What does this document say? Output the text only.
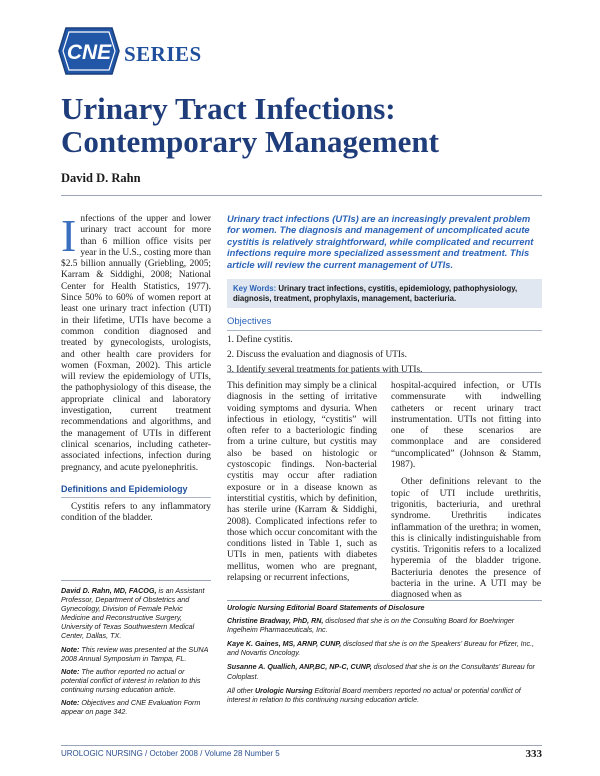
CNE SERIES
Urinary Tract Infections:
Contemporary Management
David D. Rahn

Infections of the upper and lower urinary tract account for more than 6 million office visits per year in the U.S., costing more than $2.5 billion annually (Griebling, 2005; Karram & Siddighi, 2008; National Center for Health Statistics, 1977). Since 50% to 60% of women report at least one urinary tract infection (UTI) in their lifetime, UTIs have become a common condition diagnosed and treated by gynecologists, urologists, and other health care providers for women (Foxman, 2002). This article will review the epidemiology of UTIs, the pathophysiology of this disease, the appropriate clinical and laboratory investigation, current treatment recommendations and algorithms, and the management of UTIs in different clinical scenarios, including catheter-associated infections, infection during pregnancy, and acute pyelonephritis.

Definitions and Epidemiology

Cystitis refers to any inflammatory condition of the bladder.

David D. Rahn, MD, FACOG, is an Assistant Professor, Department of Obstetrics and Gynecology, Division of Female Pelvic Medicine and Reconstructive Surgery, University of Texas Southwestern Medical Center, Dallas, TX.

Note: This review was presented at the SUNA 2008 Annual Symposium in Tampa, FL.

Note: The author reported no actual or potential conflict of interest in relation to this continuing nursing education article.

Note: Objectives and CNE Evaluation Form appear on page 342.

Urinary tract infections (UTIs) are an increasingly prevalent problem for women. The diagnosis and management of uncomplicated acute cystitis is relatively straightforward, while complicated and recurrent infections require more specialized assessment and treatment. This article will review the current management of UTIs.
Key Words: Urinary tract infections, cystitis, epidemiology, pathophysiology, diagnosis, treatment, prophylaxis, management, bacteriuria.
Objectives
1. Define cystitis.
2. Discuss the evaluation and diagnosis of UTIs.
3. Identify several treatments for patients with UTIs.

This definition may simply be a clinical diagnosis in the setting of irritative voiding symptoms and dysuria. When infectious in etiology, “cystitis” will often refer to a bacteriologic finding from a urine culture, but cystitis may also be based on histologic or cystoscopic findings. Non-bacterial cystitis may occur after radiation exposure or in a disease known as interstitial cystitis, which by definition, has sterile urine (Karram & Siddighi, 2008). Complicated infections refer to those which occur concomitant with the conditions listed in Table 1, such as UTIs in men, patients with diabetes mellitus, women who are pregnant, relapsing or recurrent infections,

hospital-acquired infection, or UTIs commensurate with indwelling catheters or recent urinary tract instrumentation. UTIs not fitting into one of these scenarios are commonplace and are considered “uncomplicated” (Johnson & Stamm, 1987).

Other definitions relevant to the topic of UTI include urethritis, trigonitis, bacteriuria, and urethral syndrome. Urethritis indicates inflammation of the urethra; in women, this is clinically indistinguishable from cystitis. Trigonitis refers to a localized hyperemia of the bladder trigone. Bacteriuria denotes the presence of bacteria in the urine. A UTI may be diagnosed when as

Urologic Nursing Editorial Board Statements of Disclosure

Christine Bradway, PhD, RN, disclosed that she is on the Consulting Board for Boehringer Ingelheim Pharmaceuticals, Inc.

Kaye K. Gaines, MS, ARNP, CUNP, disclosed that she is on the Speakers’ Bureau for Pfizer, Inc., and Novartis Oncology.

Susanne A. Quallich, ANP,BC, NP-C, CUNP, disclosed that she is on the Consultants’ Bureau for Coloplast.

All other Urologic Nursing Editorial Board members reported no actual or potential conflict of interest in relation to this continuing nursing education article.

UROLOGIC NURSING / October 2008 / Volume 28 Number 5	333
